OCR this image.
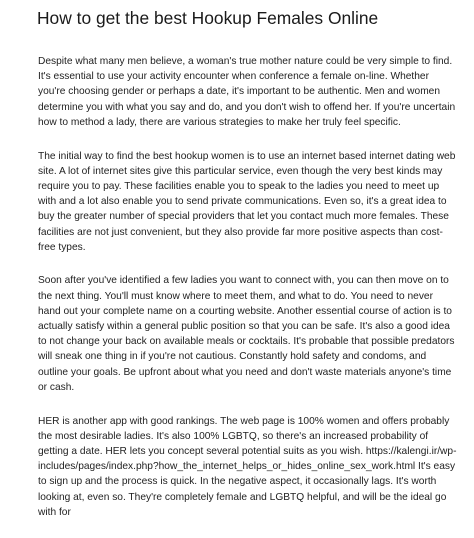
How to get the best Hookup Females Online

Despite what many men believe, a woman's true mother nature could be very simple to find.
It's essential to use your activity encounter when conference a female on-line. Whether
you're choosing gender or perhaps a date, it's important to be authentic. Men and women
determine you with what you say and do, and you don't wish to offend her. If you're uncertain
how to method a lady, there are various strategies to make her truly feel specific.

The initial way to find the best hookup women is to use an internet based internet dating web
site. A lot of internet sites give this particular service, even though the very best kinds may
require you to pay. These facilities enable you to speak to the ladies you need to meet up
with and a lot also enable you to send private communications. Even so, it's a great idea to
buy the greater number of special providers that let you contact much more females. These
facilities are not just convenient, but they also provide far more positive aspects than cost-
free types.

Soon after you've identified a few ladies you want to connect with, you can then move on to
the next thing. You'll must know where to meet them, and what to do. You need to never
hand out your complete name on a courting website. Another essential course of action is to
actually satisfy within a general public position so that you can be safe. It's also a good idea
to not change your back on available meals or cocktails. It's probable that possible predators
will sneak one thing in if you're not cautious. Constantly hold safety and condoms, and
outline your goals. Be upfront about what you need and don't waste materials anyone's time
or cash.

HER is another app with good rankings. The web page is 100% women and offers probably
the most desirable ladies. It's also 100% LGBTQ, so there's an increased probability of
getting a date. HER lets you concept several potential suits as you wish. https://kalengi.ir/wp-
includes/pages/index.php?how_the_internet_helps_or_hides_online_sex_work.html It's easy
to sign up and the process is quick. In the negative aspect, it occasionally lags. It's worth
looking at, even so. They're completely female and LGBTQ helpful, and will be the ideal go
with for
